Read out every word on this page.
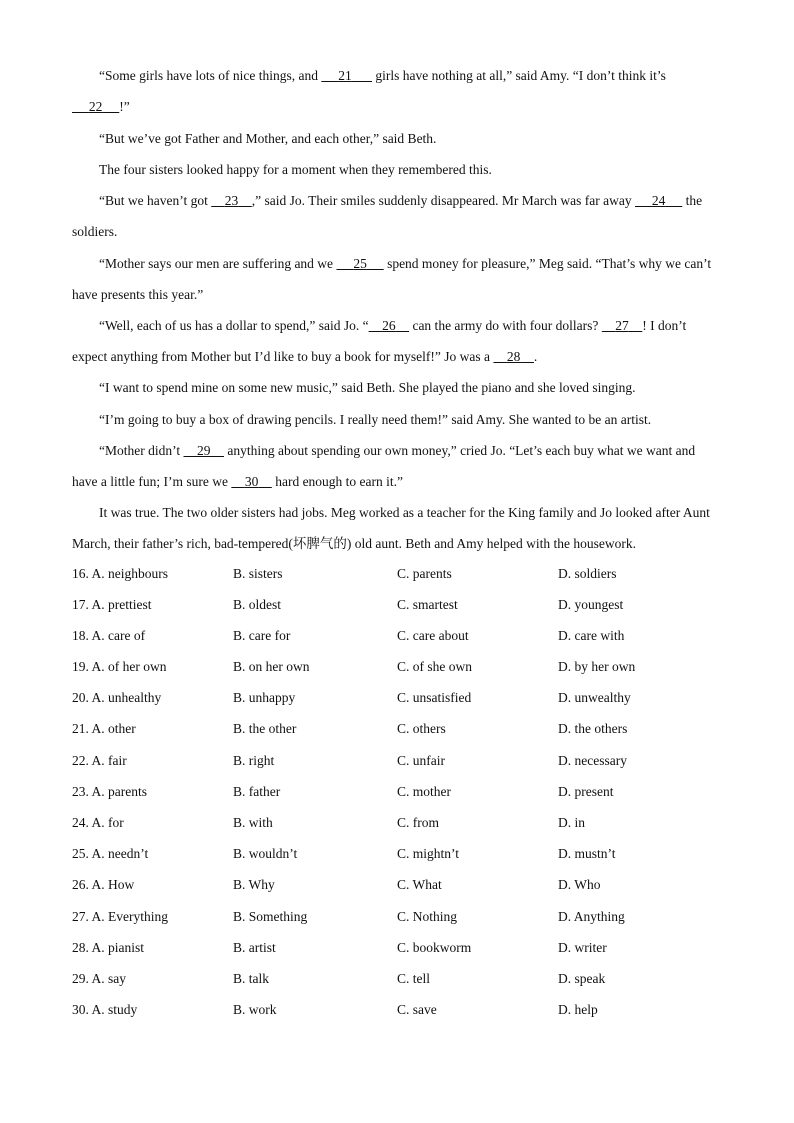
“Some girls have lots of nice things, and      21       girls have nothing at all,” said Amy. “I don’t think it’s      22 !”

“But we’ve got Father and Mother, and each other,” said Beth.

The four sisters looked happy for a moment when they remembered this.

“But we haven’t got     23 ,” said Jo. Their smiles suddenly disappeared. Mr March was far away      24      the soldiers.

“Mother says our men are suffering and we      25      spend money for pleasure,” Meg said. “That’s why we can’t have presents this year.”

“Well, each of us has a dollar to spend,” said Jo. “ 26     can the army do with four dollars?     27 ! I don’t expect anything from Mother but I’d like to buy a book for myself!” Jo was a     28 .

“I want to spend mine on some new music,” said Beth. She played the piano and she loved singing.

“I’m going to buy a box of drawing pencils. I really need them!” said Amy. She wanted to be an artist.

“Mother didn’t     29     anything about spending our own money,” cried Jo. “Let’s each buy what we want and have a little fun; I’m sure we     30     hard enough to earn it.”

It was true. The two older sisters had jobs. Meg worked as a teacher for the King family and Jo looked after Aunt March, their father’s rich, bad-tempered(坏脾气的) old aunt. Beth and Amy helped with the housework.

16. A. neighbours	B. sisters	C. parents	D. soldiers
17. A. prettiest	B. oldest	C. smartest	D. youngest
18. A. care of	B. care for	C. care about	D. care with
19. A. of her own	B. on her own	C. of she own	D. by her own
20. A. unhealthy	B. unhappy	C. unsatisfied	D. unwealthy
21. A. other	B. the other	C. others	D. the others
22. A. fair	B. right	C. unfair	D. necessary
23. A. parents	B. father	C. mother	D. present
24. A. for	B. with	C. from	D. in
25. A. needn’t	B. wouldn’t	C. mightn’t	D. mustn’t
26. A. How	B. Why	C. What	D. Who
27. A. Everything	B. Something	C. Nothing	D. Anything
28. A. pianist	B. artist	C. bookworm	D. writer
29. A. say	B. talk	C. tell	D. speak
30. A. study	B. work	C. save	D. help
